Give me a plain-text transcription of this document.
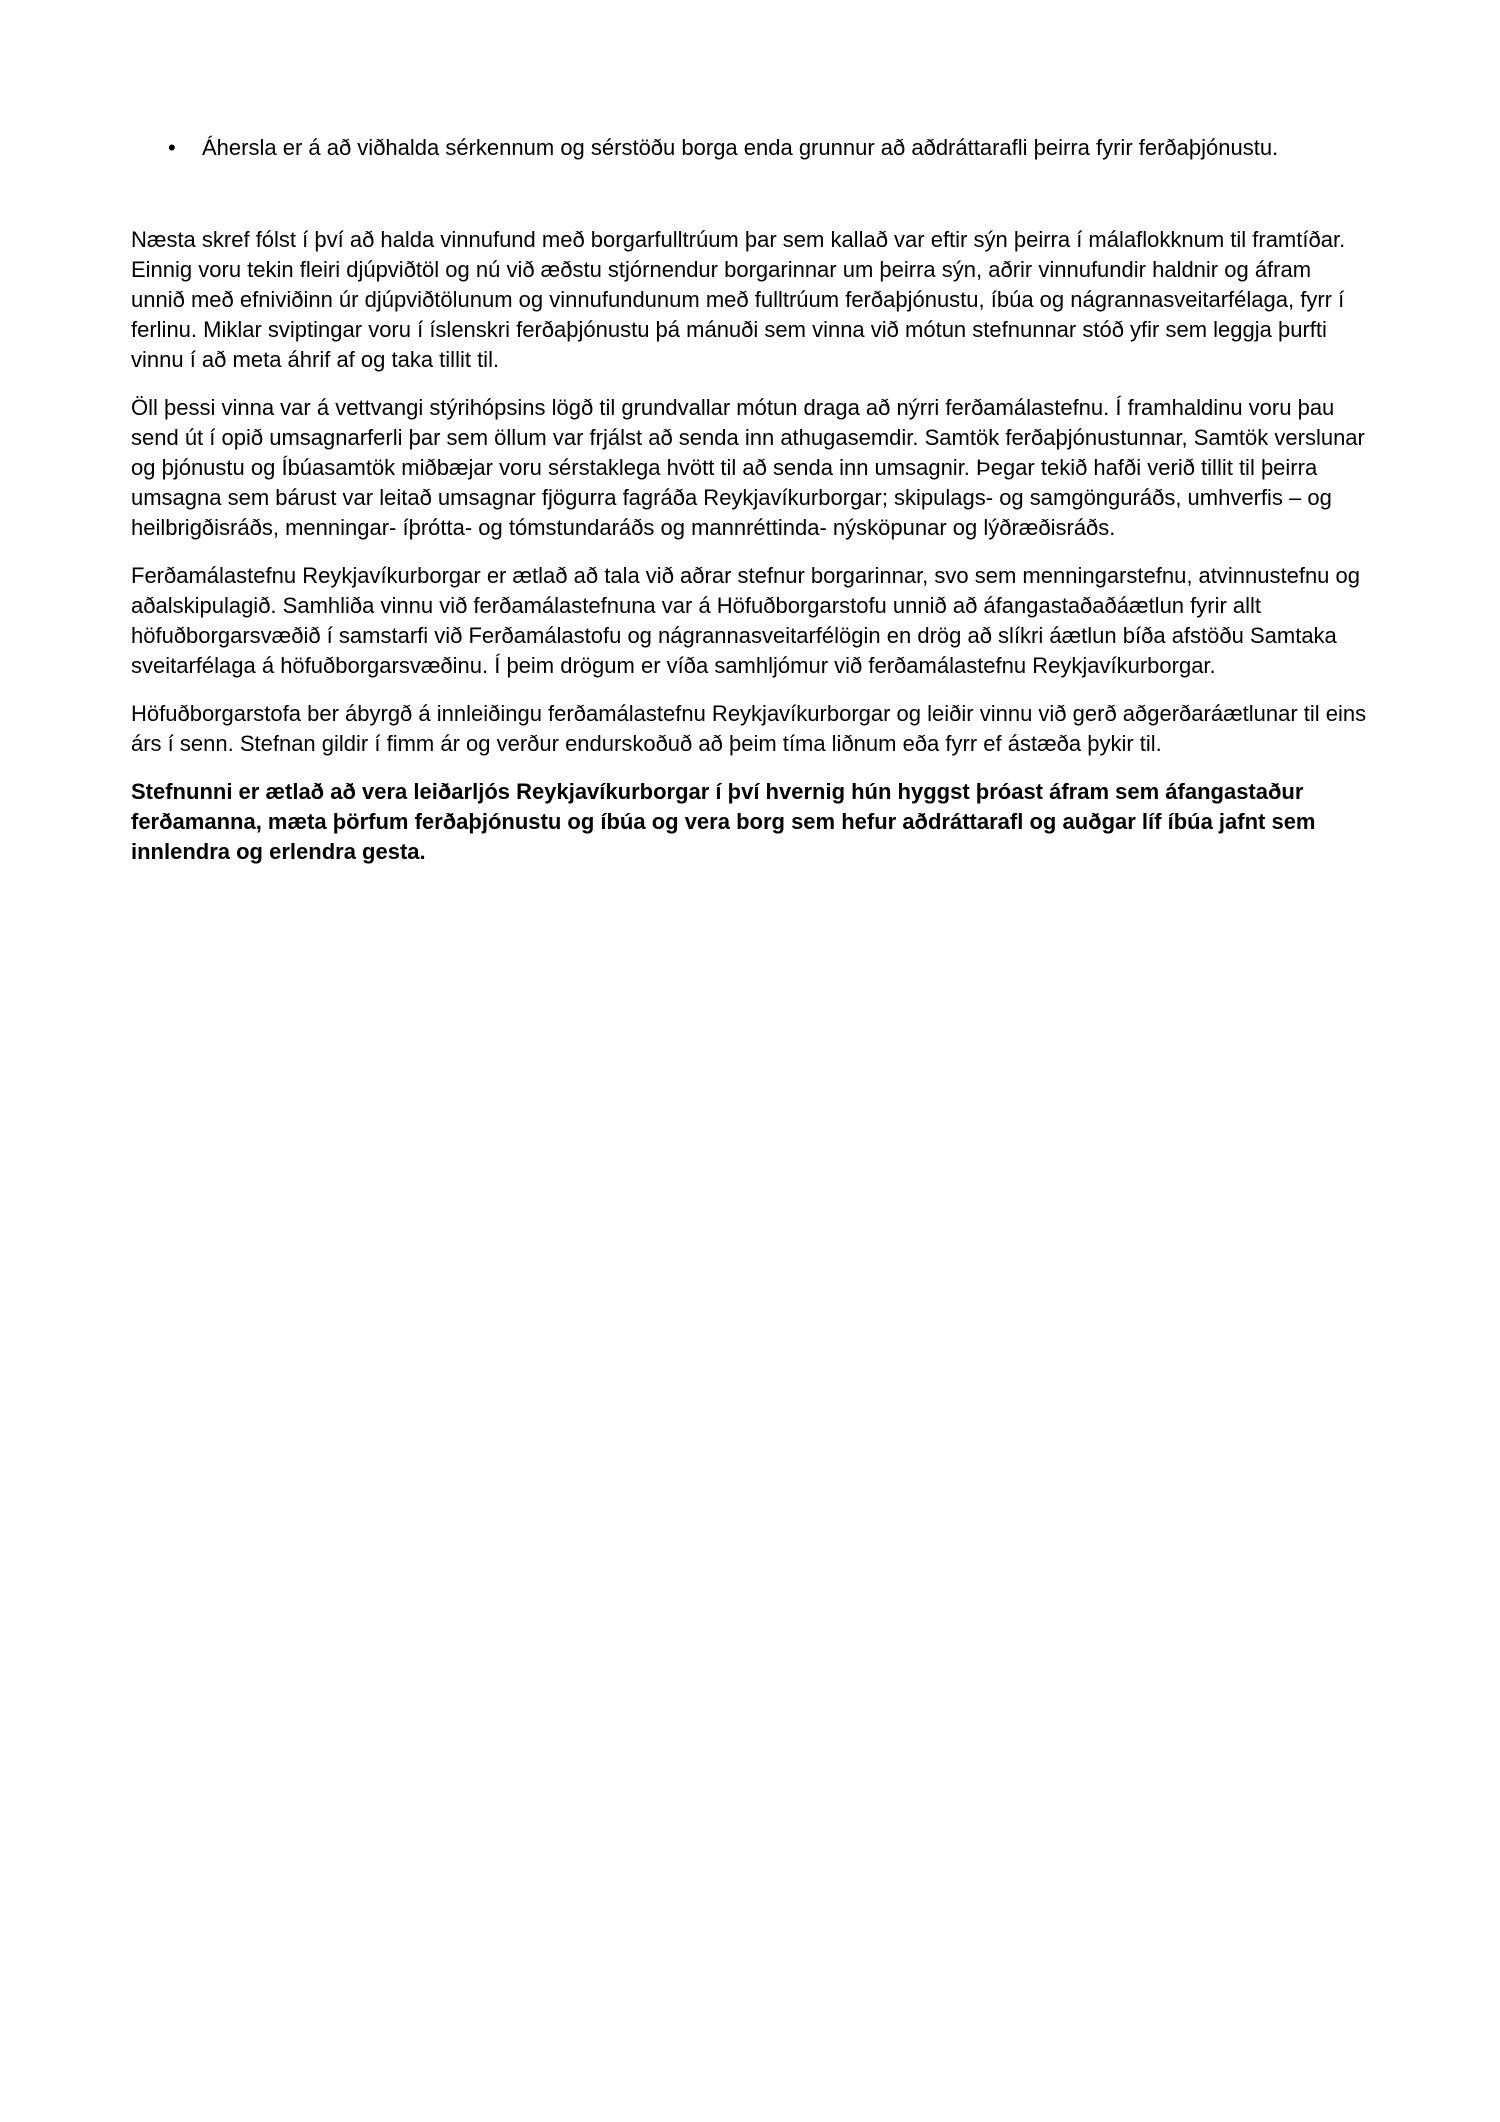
•	Áhersla er á að viðhalda sérkennum og sérstöðu borga enda grunnur að aðdráttarafli þeirra fyrir ferðaþjónustu.

Næsta skref fólst í því að halda vinnufund með borgarfulltrúum þar sem kallað var eftir sýn þeirra í málaflokknum til framtíðar. Einnig voru tekin fleiri djúpviðtöl og nú við æðstu stjórnendur borgarinnar um þeirra sýn, aðrir vinnufundir haldnir og áfram unnið með efniviðinn úr djúpviðtölunum og vinnufundunum með fulltrúum ferðaþjónustu, íbúa og nágrannasveitarfélaga, fyrr í ferlinu. Miklar sviptingar voru í íslenskri ferðaþjónustu þá mánuði sem vinna við mótun stefnunnar stóð yfir sem leggja þurfti vinnu í að meta áhrif af og taka tillit til.

Öll þessi vinna var á vettvangi stýrihópsins lögð til grundvallar mótun draga að nýrri ferðamálastefnu. Í framhaldinu voru þau send út í opið umsagnarferli þar sem öllum var frjálst að senda inn athugasemdir. Samtök ferðaþjónustunnar, Samtök verslunar og þjónustu og Íbúasamtök miðbæjar voru sérstaklega hvött til að senda inn umsagnir. Þegar tekið hafði verið tillit til þeirra umsagna sem bárust var leitað umsagnar fjögurra fagráða Reykjavíkurborgar; skipulags- og samgönguráðs, umhverfis – og heilbrigðisráðs, menningar- íþrótta- og tómstundaráðs og mannréttinda- nýsköpunar og lýðræðisráðs.

Ferðamálastefnu Reykjavíkurborgar er ætlað að tala við aðrar stefnur borgarinnar, svo sem menningarstefnu, atvinnustefnu og aðalskipulagið. Samhliða vinnu við ferðamálastefnuna var á Höfuðborgarstofu unnið að áfangastaðaðáætlun fyrir allt höfuðborgarsvæðið í samstarfi við Ferðamálastofu og nágrannasveitarfélögin en drög að slíkri áætlun bíða afstöðu Samtaka sveitarfélaga á höfuðborgarsvæðinu. Í þeim drögum er víða samhljómur við ferðamálastefnu Reykjavíkurborgar.

Höfuðborgarstofa ber ábyrgð á innleiðingu ferðamálastefnu Reykjavíkurborgar og leiðir vinnu við gerð aðgerðaráætlunar til eins árs í senn. Stefnan gildir í fimm ár og verður endurskoðuð að þeim tíma liðnum eða fyrr ef ástæða þykir til.

Stefnunni er ætlað að vera leiðarljós Reykjavíkurborgar í því hvernig hún hyggst þróast áfram sem áfangastaður ferðamanna, mæta þörfum ferðaþjónustu og íbúa og vera borg sem hefur aðdráttarafl og auðgar líf íbúa jafnt sem innlendra og erlendra gesta.
